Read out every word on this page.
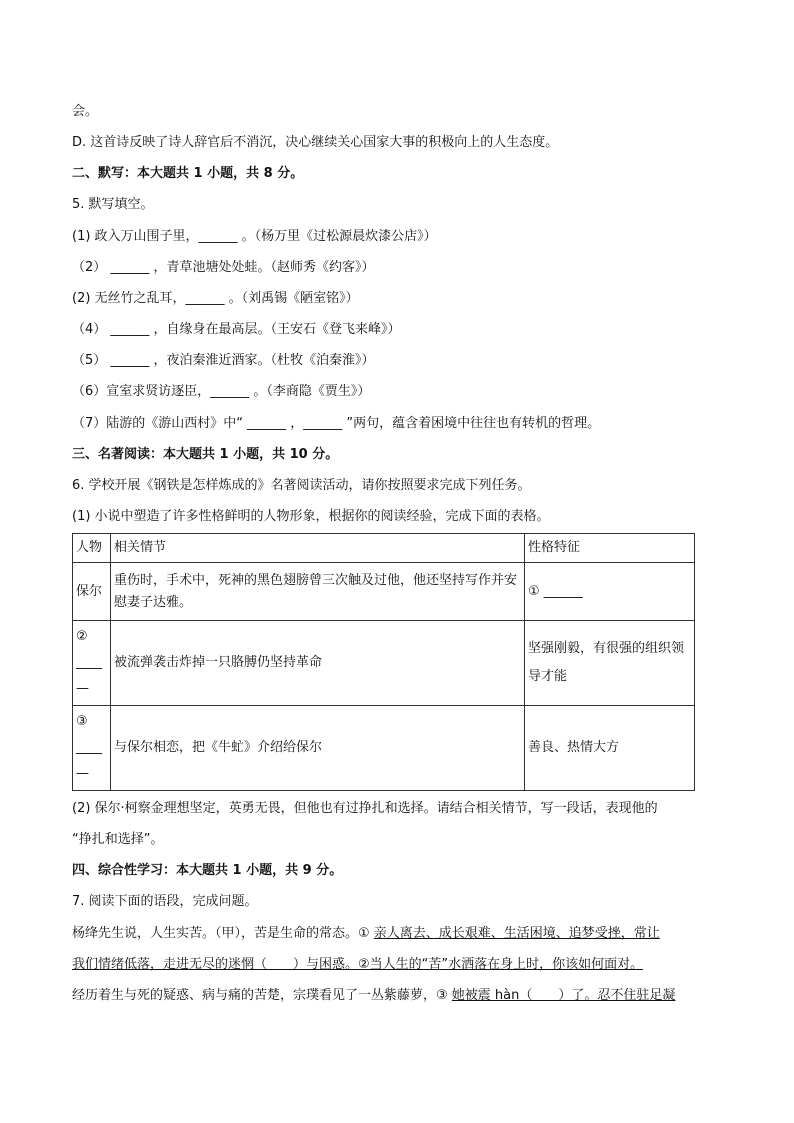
会。
D. 这首诗反映了诗人辞官后不消沉，决心继续关心国家大事的积极向上的人生态度。
二、默写：本大题共 1 小题，共 8 分。
5. 默写填空。
(1) 政入万山围子里，______ 。（杨万里《过松源晨炊漆公店》）
（2） ______ ，青草池塘处处蛙。（赵师秀《约客》）
(2) 无丝竹之乱耳，______ 。（刘禹锡《陋室铭》）
（4） ______ ，自缘身在最高层。（王安石《登飞来峰》）
（5） ______ ，夜泊秦淮近酒家。（杜牧《泊秦淮》）
（6）宣室求贤访逐臣，______ 。（李商隐《贾生》）
（7）陆游的《游山西村》中“ ______ ，______ ”两句，蕴含着困境中往往也有转机的哲理。
三、名著阅读：本大题共 1 小题，共 10 分。
6. 学校开展《钢铁是怎样炼成的》名著阅读活动，请你按照要求完成下列任务。
(1) 小说中塑造了许多性格鲜明的人物形象，根据你的阅读经验，完成下面的表格。
人物	相关情节	性格特征
保尔	重伤时，手术中，死神的黑色翅膀曾三次触及过他，他还坚持写作并安慰妻子达雅。	① ______

②
____
—	被流弹袭击炸掉一只胳膊仍坚持革命	坚强刚毅，有很强的组织领导才能

③
____
—	与保尔相恋，把《牛虻》介绍给保尔	善良、热情大方
(2) 保尔·柯察金理想坚定，英勇无畏，但他也有过挣扎和选择。请结合相关情节，写一段话，表现他的
“挣扎和选择”。
四、综合性学习：本大题共 1 小题，共 9 分。
7. 阅读下面的语段，完成问题。
杨绛先生说，人生实苦。（甲），苦是生命的常态。① 亲人离去、成长艰难、生活困境、追梦受挫，常让
我们情绪低落，走进无尽的迷惘（　　）与困惑。②当人生的“苦”水洒落在身上时，你该如何面对。
经历着生与死的疑惑、病与痛的苦楚，宗璞看见了一丛紫藤萝，③ 她被震 hàn（　　）了。忍不住驻足凝
